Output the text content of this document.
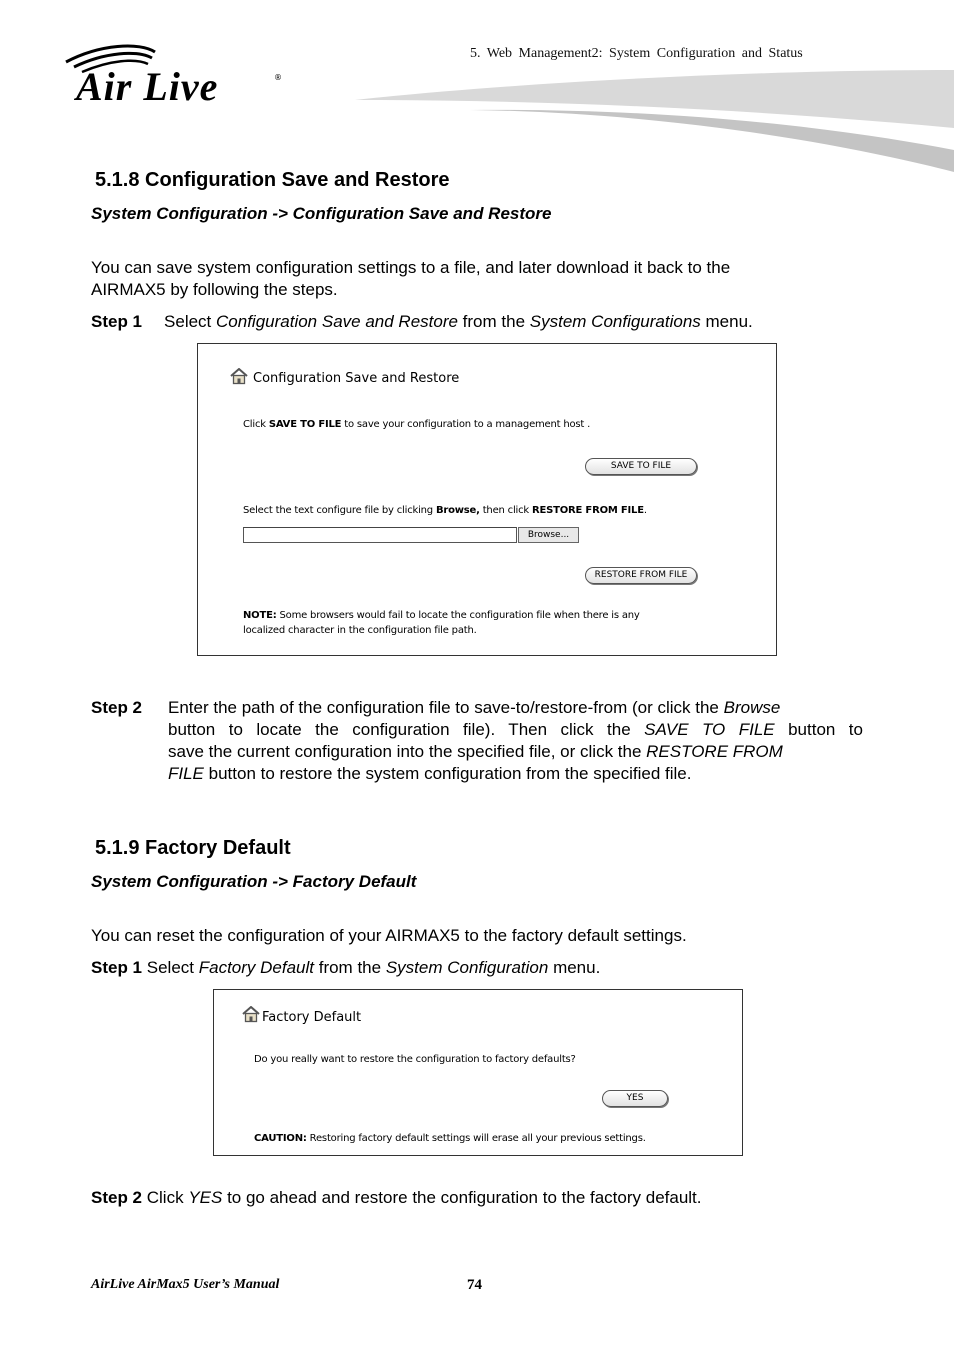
Air Live	®
5. Web Management2: System Configuration and Status
5.1.8 Configuration Save and Restore
System Configuration -> Configuration Save and Restore
You can save system configuration settings to a file, and later download it back to the
AIRMAX5 by following the steps.
Step 1 Select Configuration Save and Restore from the System Configurations menu.
Configuration Save and Restore
Click SAVE TO FILE to save your configuration to a management host .
SAVE TO FILE
Select the text configure file by clicking Browse, then click RESTORE FROM FILE.
Browse...
RESTORE FROM FILE
NOTE: Some browsers would fail to locate the configuration file when there is any
localized character in the configuration file path.
Step 2 Enter the path of the configuration file to save-to/restore-from (or click the Browse
button to locate the configuration file). Then click the SAVE TO FILE button to
save the current configuration into the specified file, or click the RESTORE FROM
FILE button to restore the system configuration from the specified file.
5.1.9 Factory Default
System Configuration -> Factory Default
You can reset the configuration of your AIRMAX5 to the factory default settings.
Step 1 Select Factory Default from the System Configuration menu.
Factory Default
Do you really want to restore the configuration to factory defaults?
YES
CAUTION: Restoring factory default settings will erase all your previous settings.
Step 2 Click YES to go ahead and restore the configuration to the factory default.
AirLive AirMax5 User’s Manual	74
